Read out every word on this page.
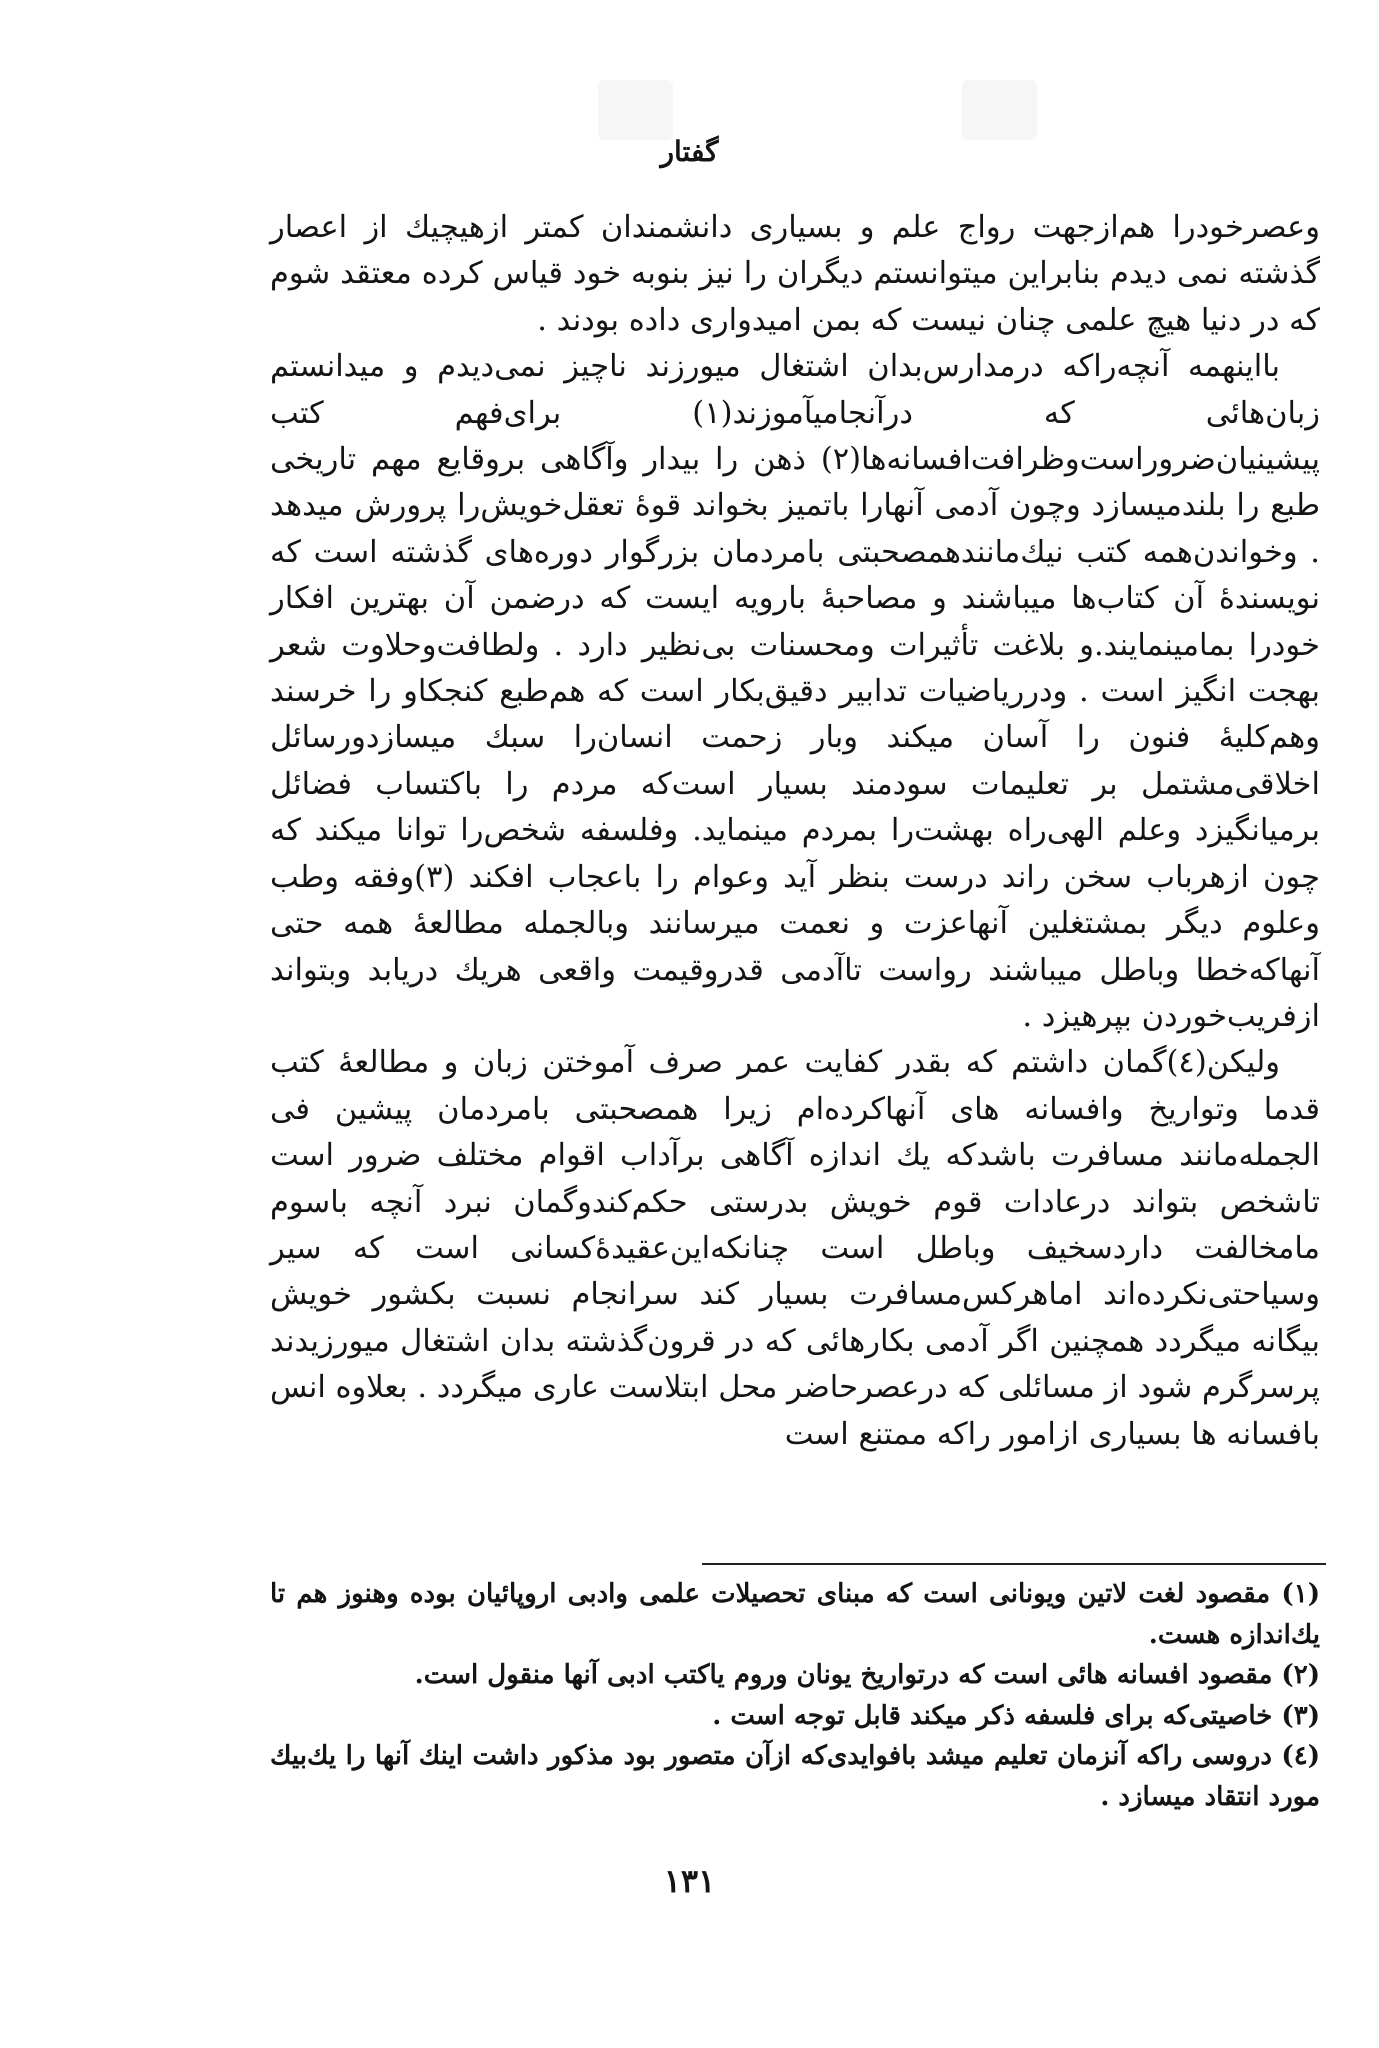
گفتار

وعصرخودرا هم‌ازجهت رواج علم و بسیاری دانشمندان کمتر ازهیچیك از اعصار گذشته نمی دیدم بنابراین میتوانستم دیگران را نیز بنوبه خود قیاس کرده معتقد شوم که در دنیا هیچ علمی چنان نیست که بمن امیدواری داده بودند .

بااینهمه آنچه‌راکه درمدارس‌بدان اشتغال میورزند ناچیز نمی‌دیدم و میدانستم زبان‌هائی که درآنجامیآموزند(۱) برای‌فهم کتب پیشینیان‌ضروراست‌وظرافت‌افسانه‌ها(۲) ذهن را بیدار وآگاهی بروقایع مهم تاریخی طبع را بلندمیسازد وچون آدمی آنهارا باتمیز بخواند قوهٔ تعقل‌خویش‌را پرورش میدهد . وخواندن‌همه کتب نیك‌مانندهمصحبتی بامردمان بزرگوار دوره‌های گذشته است که نویسندهٔ آن کتاب‌ها میباشند و مصاحبهٔ بارویه ایست که درضمن آن بهترین افکار خودرا بمامینمایند.و بلاغت تأثیرات ومحسنات بی‌نظیر دارد . ولطافت‌وحلاوت شعر بهجت انگیز است . ودرریاضیات تدابیر دقیق‌بکار است که هم‌طبع کنجکاو را خرسند وهم‌کلیهٔ فنون را آسان میکند وبار زحمت انسان‌را سبك میسازدورسائل اخلاقی‌مشتمل بر تعلیمات سودمند بسیار است‌که مردم را باکتساب فضائل برمیانگیزد وعلم الهی‌راه بهشت‌را بمردم مینماید. وفلسفه شخص‌را توانا میکند که چون ازهرباب سخن راند درست بنظر آید وعوام را باعجاب افکند (۳)وفقه وطب وعلوم دیگر بمشتغلین آنهاعزت و نعمت میرسانند وبالجمله مطالعهٔ همه حتی آنهاکه‌خطا وباطل میباشند رواست تاآدمی قدروقیمت واقعی هریك دریابد وبتواند ازفریب‌خوردن بپرهیزد .

ولیکن(٤)گمان داشتم که بقدر کفایت عمر صرف آموختن زبان و مطالعهٔ کتب قدما وتواریخ وافسانه های آنهاکرده‌ام زیرا همصحبتی بامردمان پیشین فی الجمله‌مانند مسافرت باشدکه یك اندازه آگاهی برآداب اقوام مختلف ضرور است تاشخص بتواند درعادات قوم خویش بدرستی حکم‌کندوگمان نبرد آنچه باسوم مامخالفت داردسخیف وباطل است چنانکه‌این‌عقیدهٔ‌کسانی است که سیر وسیاحتی‌نکرده‌اند اماهرکس‌مسافرت بسیار کند سرانجام نسبت بکشور خویش بیگانه میگردد همچنین اگر آدمی بکارهائی که در قرون‌گذشته بدان اشتغال میورزیدند پرسرگرم شود از مسائلی که درعصرحاضر محل ابتلاست عاری میگردد . بعلاوه انس بافسانه ها بسیاری ازامور راکه ممتنع است

(۱) مقصود لغت لاتین ویونانی است که مبنای تحصیلات علمی وادبی اروپائیان بوده وهنوز هم تا یك‌اندازه هست.

(۲) مقصود افسانه هائی است که درتواریخ یونان وروم یاکتب ادبی آنها منقول است.

(۳) خاصیتی‌که برای فلسفه ذکر میکند قابل توجه است .

(٤) دروسی راکه آنزمان تعلیم میشد بافوایدی‌که ازآن متصور بود مذکور داشت اینك آنها را یك‌بیك مورد انتقاد میسازد .

۱۳۱
